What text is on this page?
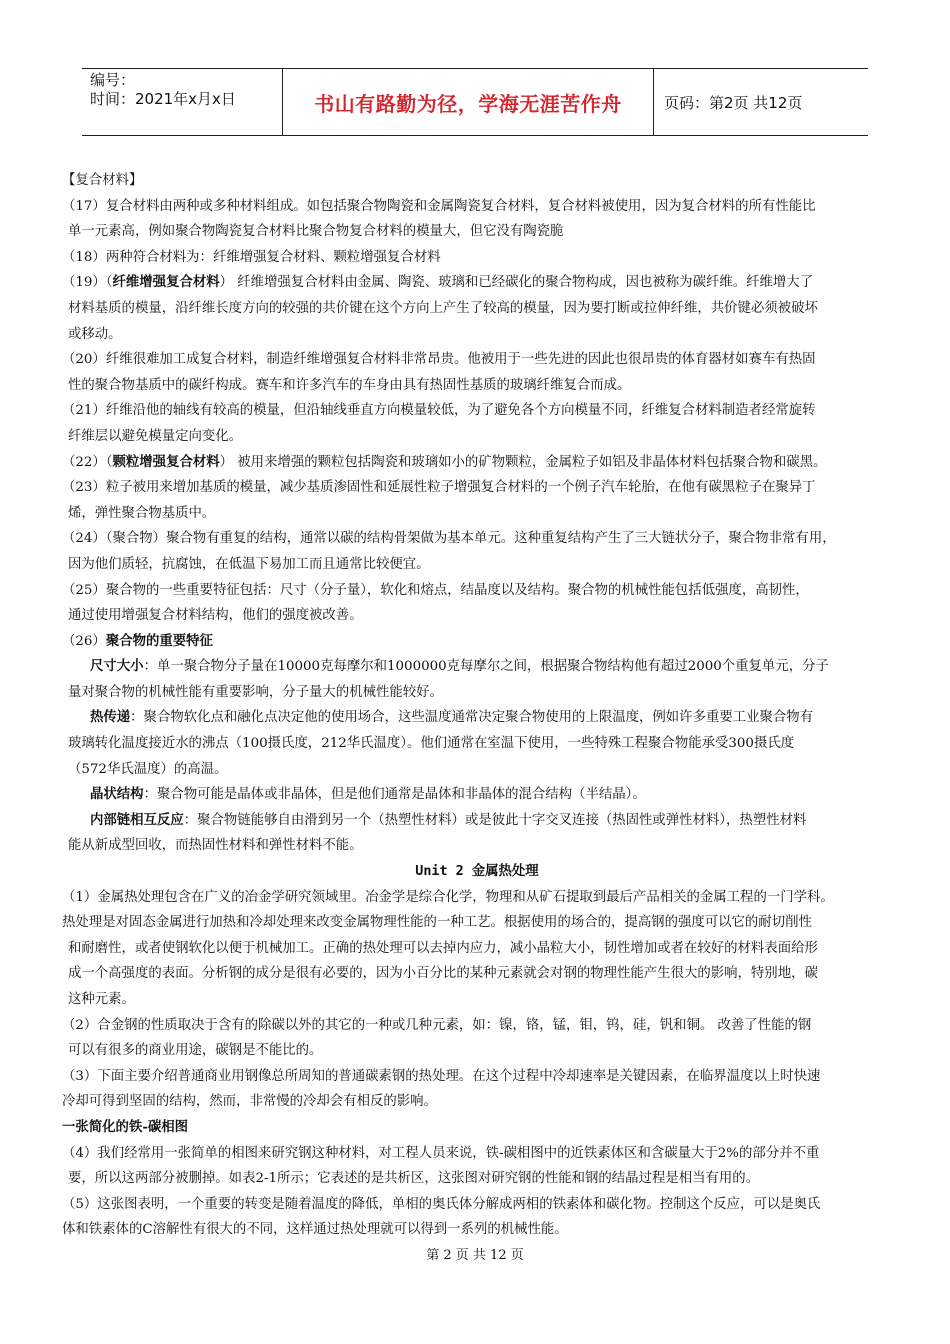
编号：
时间：2021年x月x日	书山有路勤为径，学海无涯苦作舟	页码：第2页 共12页

【复合材料】

（17）复合材料由两种或多种材料组成。如包括聚合物陶瓷和金属陶瓷复合材料，复合材料被使用，因为复合材料的所有性能比

单一元素高，例如聚合物陶瓷复合材料比聚合物复合材料的模量大，但它没有陶瓷脆

（18）两种符合材料为：纤维增强复合材料、颗粒增强复合材料

（19）（纤维增强复合材料） 纤维增强复合材料由金属、陶瓷、玻璃和已经碳化的聚合物构成，因也被称为碳纤维。纤维增大了

材料基质的模量，沿纤维长度方向的较强的共价键在这个方向上产生了较高的模量，因为要打断或拉伸纤维，共价键必须被破坏

或移动。

（20）纤维很难加工成复合材料，制造纤维增强复合材料非常昂贵。他被用于一些先进的因此也很昂贵的体育器材如赛车有热固

性的聚合物基质中的碳纤构成。赛车和许多汽车的车身由具有热固性基质的玻璃纤维复合而成。

（21）纤维沿他的轴线有较高的模量，但沿轴线垂直方向模量较低，为了避免各个方向模量不同，纤维复合材料制造者经常旋转

纤维层以避免模量定向变化。

（22）（颗粒增强复合材料） 被用来增强的颗粒包括陶瓷和玻璃如小的矿物颗粒，金属粒子如铝及非晶体材料包括聚合物和碳黑。

（23）粒子被用来增加基质的模量，减少基质渗固性和延展性粒子增强复合材料的一个例子汽车轮胎，在他有碳黑粒子在聚异丁

烯，弹性聚合物基质中。

（24）（聚合物）聚合物有重复的结构，通常以碳的结构骨架做为基本单元。这种重复结构产生了三大链状分子，聚合物非常有用，

因为他们质轻，抗腐蚀，在低温下易加工而且通常比较便宜。

（25）聚合物的一些重要特征包括：尺寸（分子量），软化和熔点，结晶度以及结构。聚合物的机械性能包括低强度，高韧性，

通过使用增强复合材料结构，他们的强度被改善。

（26）聚合物的重要特征

尺寸大小：单一聚合物分子量在10000克每摩尔和1000000克每摩尔之间，根据聚合物结构他有超过2000个重复单元，分子

量对聚合物的机械性能有重要影响，分子量大的机械性能较好。

热传递：聚合物软化点和融化点决定他的使用场合，这些温度通常决定聚合物使用的上限温度，例如许多重要工业聚合物有

玻璃转化温度接近水的沸点（100摄氏度，212华氏温度）。他们通常在室温下使用，一些特殊工程聚合物能承受300摄氏度

（572华氏温度）的高温。

晶状结构：聚合物可能是晶体或非晶体，但是他们通常是晶体和非晶体的混合结构（半结晶）。

内部链相互反应：聚合物链能够自由滑到另一个（热塑性材料）或是彼此十字交叉连接（热固性或弹性材料），热塑性材料

能从新成型回收，而热固性材料和弹性材料不能。

Unit 2 金属热处理

（1）金属热处理包含在广义的冶金学研究领域里。冶金学是综合化学，物理和从矿石提取到最后产品相关的金属工程的一门学科。

热处理是对固态金属进行加热和冷却处理来改变金属物理性能的一种工艺。根据使用的场合的，提高钢的强度可以它的耐切削性

和耐磨性，或者使钢软化以便于机械加工。正确的热处理可以去掉内应力，减小晶粒大小，韧性增加或者在较好的材料表面给形

成一个高强度的表面。分析钢的成分是很有必要的，因为小百分比的某种元素就会对钢的物理性能产生很大的影响，特别地，碳

这种元素。

（2）合金钢的性质取决于含有的除碳以外的其它的一种或几种元素，如：镍，铬，锰，钼，钨，硅，钒和铜。 改善了性能的钢

可以有很多的商业用途，碳钢是不能比的。

（3）下面主要介绍普通商业用钢像总所周知的普通碳素钢的热处理。在这个过程中冷却速率是关键因素，在临界温度以上时快速

冷却可得到坚固的结构，然而，非常慢的冷却会有相反的影响。

一张简化的铁-碳相图

（4）我们经常用一张简单的相图来研究钢这种材料，对工程人员来说，铁-碳相图中的近铁素体区和含碳量大于2%的部分并不重

要，所以这两部分被删掉。如表2-1所示；它表述的是共析区，这张图对研究钢的性能和钢的结晶过程是相当有用的。

（5）这张图表明，一个重要的转变是随着温度的降低，单相的奥氏体分解成两相的铁素体和碳化物。控制这个反应，可以是奥氏

体和铁素体的C溶解性有很大的不同，这样通过热处理就可以得到一系列的机械性能。

第 2 页 共 12 页
